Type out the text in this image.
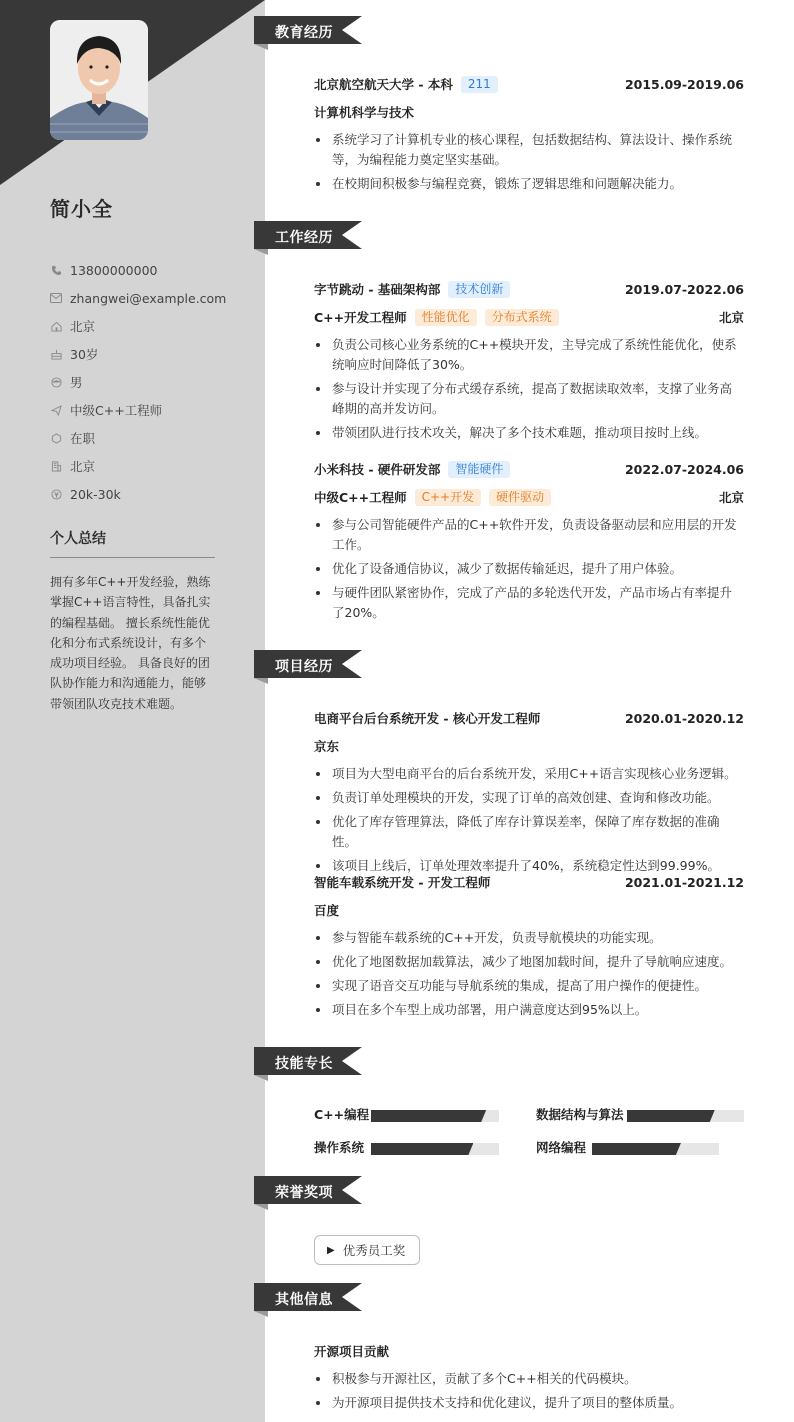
简小全
13800000000
zhangwei@example.com
北京
30岁
男
中级C++工程师
在职
北京
20k-30k
个人总结

拥有多年C++开发经验，熟练掌握C++语言特性，具备扎实的编程基础。 擅长系统性能优化和分布式系统设计，有多个成功项目经验。 具备良好的团队协作能力和沟通能力，能够带领团队攻克技术难题。

教育经历
北京航空航天大学 - 本科	211	2015.09-2019.06
计算机科学与技术
系统学习了计算机专业的核心课程，包括数据结构、算法设计、操作系统等，为编程能力奠定坚实基础。
在校期间积极参与编程竞赛，锻炼了逻辑思维和问题解决能力。
工作经历
字节跳动 - 基础架构部	技术创新	2019.07-2022.06
C++开发工程师	性能优化	分布式系统	北京
负责公司核心业务系统的C++模块开发，主导完成了系统性能优化，使系统响应时间降低了30%。
参与设计并实现了分布式缓存系统，提高了数据读取效率，支撑了业务高峰期的高并发访问。
带领团队进行技术攻关，解决了多个技术难题，推动项目按时上线。
小米科技 - 硬件研发部	智能硬件	2022.07-2024.06
中级C++工程师	C++开发	硬件驱动	北京
参与公司智能硬件产品的C++软件开发，负责设备驱动层和应用层的开发工作。
优化了设备通信协议，减少了数据传输延迟，提升了用户体验。
与硬件团队紧密协作，完成了产品的多轮迭代开发，产品市场占有率提升了20%。
项目经历
电商平台后台系统开发 - 核心开发工程师	2020.01-2020.12
京东
项目为大型电商平台的后台系统开发，采用C++语言实现核心业务逻辑。
负责订单处理模块的开发，实现了订单的高效创建、查询和修改功能。
优化了库存管理算法，降低了库存计算误差率，保障了库存数据的准确性。
该项目上线后，订单处理效率提升了40%，系统稳定性达到99.99%。
智能车载系统开发 - 开发工程师	2021.01-2021.12
百度
参与智能车载系统的C++开发，负责导航模块的功能实现。
优化了地图数据加载算法，减少了地图加载时间，提升了导航响应速度。
实现了语音交互功能与导航系统的集成，提高了用户操作的便捷性。
项目在多个车型上成功部署，用户满意度达到95%以上。
技能专长
C++编程	数据结构与算法
操作系统	网络编程
荣誉奖项
▶ 优秀员工奖
其他信息
开源项目贡献
积极参与开源社区，贡献了多个C++相关的代码模块。
为开源项目提供技术支持和优化建议，提升了项目的整体质量。
